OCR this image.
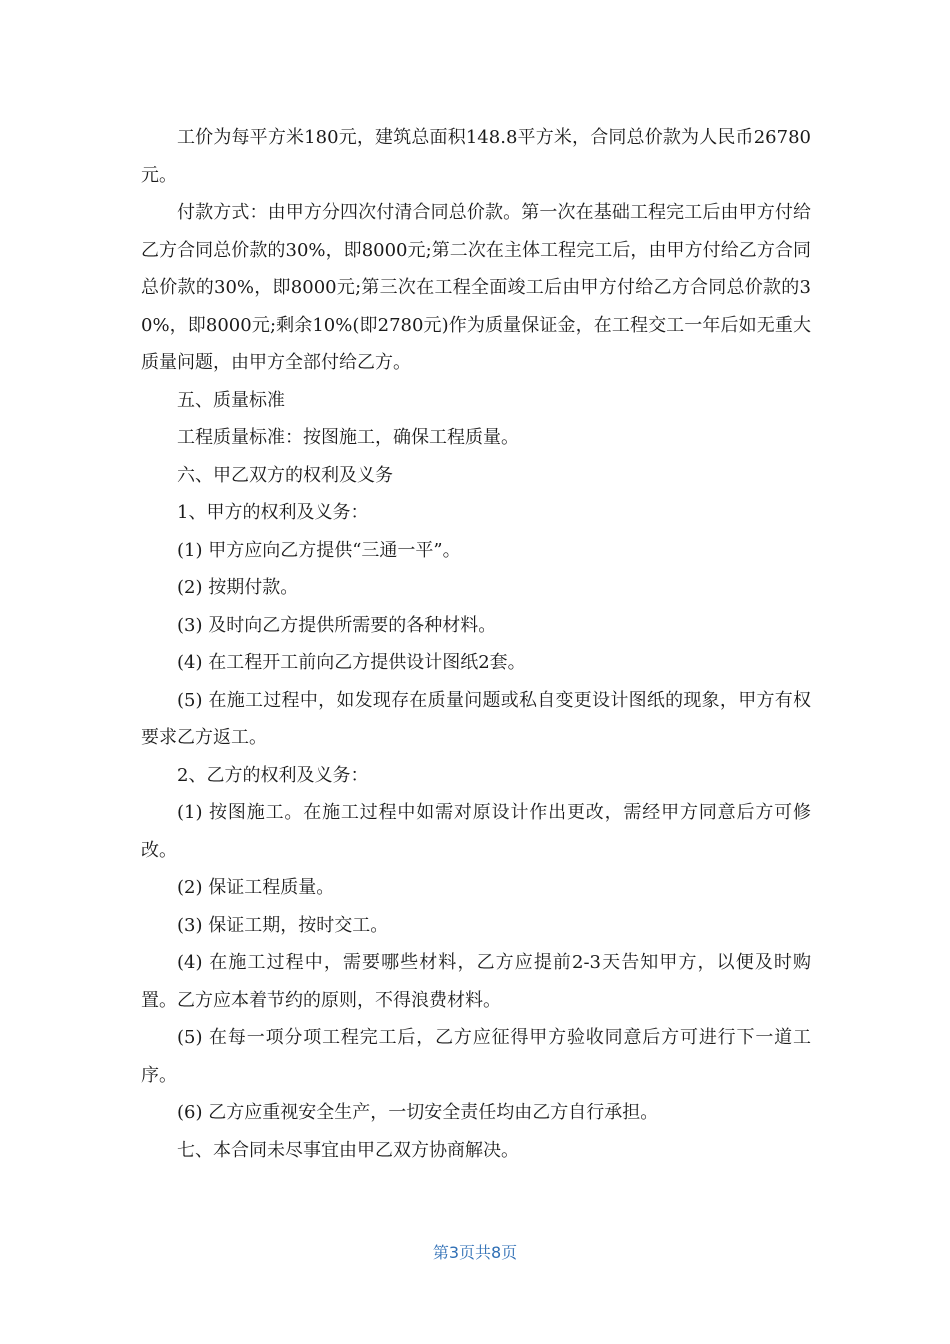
工价为每平方米180元，建筑总面积148.8平方米，合同总价款为人民币26780元。

付款方式：由甲方分四次付清合同总价款。第一次在基础工程完工后由甲方付给乙方合同总价款的30%，即8000元;第二次在主体工程完工后，由甲方付给乙方合同总价款的30%，即8000元;第三次在工程全面竣工后由甲方付给乙方合同总价款的30%，即8000元;剩余10%(即2780元)作为质量保证金，在工程交工一年后如无重大质量问题，由甲方全部付给乙方。

五、质量标准

工程质量标准：按图施工，确保工程质量。

六、甲乙双方的权利及义务

1、甲方的权利及义务：

(1) 甲方应向乙方提供“三通一平”。

(2) 按期付款。

(3) 及时向乙方提供所需要的各种材料。

(4) 在工程开工前向乙方提供设计图纸2套。

(5) 在施工过程中，如发现存在质量问题或私自变更设计图纸的现象，甲方有权要求乙方返工。

2、乙方的权利及义务：

(1) 按图施工。在施工过程中如需对原设计作出更改，需经甲方同意后方可修改。

(2) 保证工程质量。

(3) 保证工期，按时交工。

(4) 在施工过程中，需要哪些材料，乙方应提前2-3天告知甲方，以便及时购置。乙方应本着节约的原则，不得浪费材料。

(5) 在每一项分项工程完工后，乙方应征得甲方验收同意后方可进行下一道工序。

(6) 乙方应重视安全生产，一切安全责任均由乙方自行承担。

七、本合同未尽事宜由甲乙双方协商解决。

第3页共8页
